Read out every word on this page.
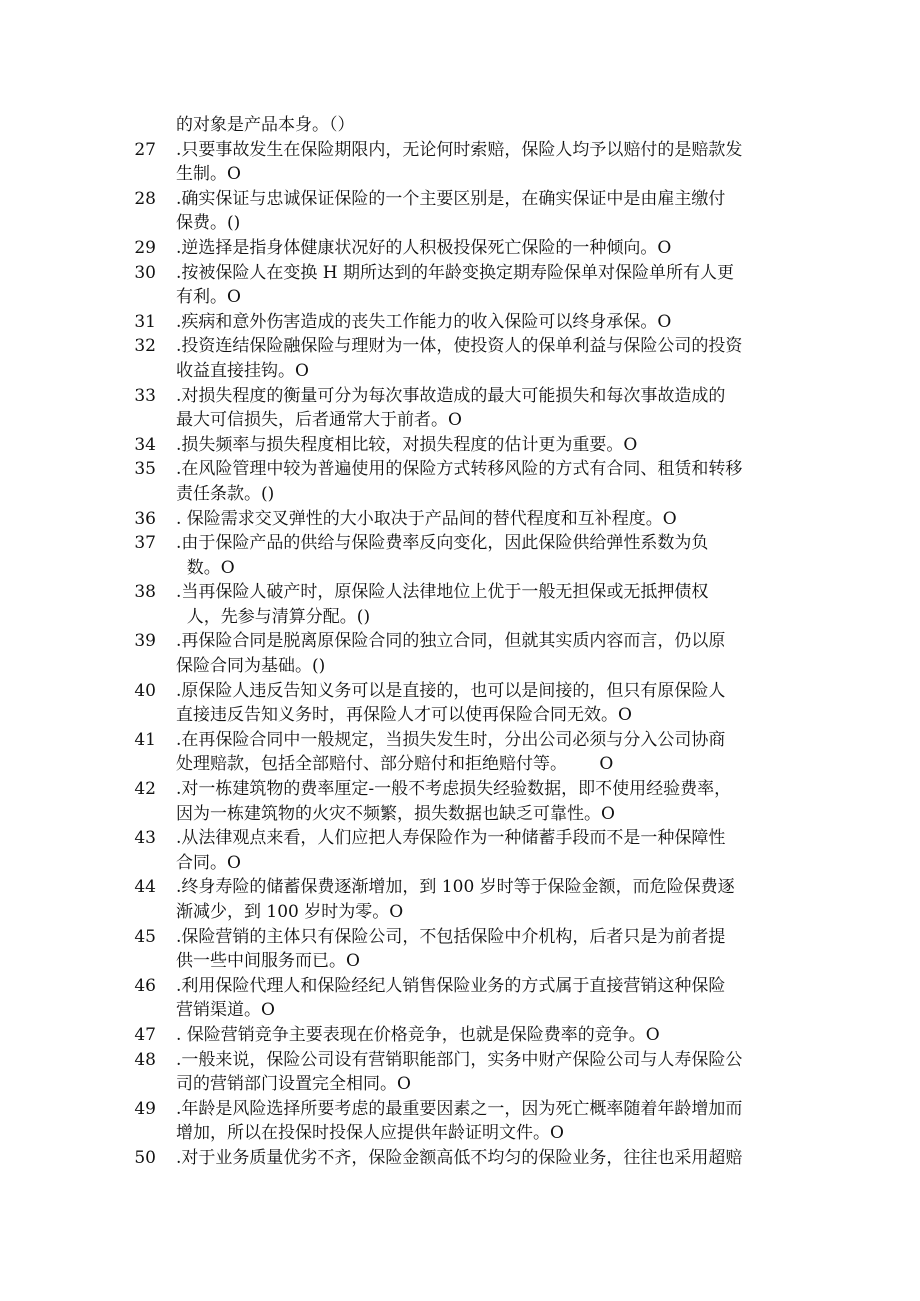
的对象是产品本身。（）
27 .只要事故发生在保险期限内，无论何时索赔，保险人均予以赔付的是赔款发
生制。O
28 .确实保证与忠诚保证保险的一个主要区别是，在确实保证中是由雇主缴付
保费。()
29 .逆选择是指身体健康状况好的人积极投保死亡保险的一种倾向。O
30 .按被保险人在变换 H 期所达到的年龄变换定期寿险保单对保险单所有人更
有利。O
31 .疾病和意外伤害造成的丧失工作能力的收入保险可以终身承保。O
32 .投资连结保险融保险与理财为一体，使投资人的保单利益与保险公司的投资
收益直接挂钩。O
33 .对损失程度的衡量可分为每次事故造成的最大可能损失和每次事故造成的
最大可信损失，后者通常大于前者。O
34 .损失频率与损失程度相比较，对损失程度的估计更为重要。O
35 .在风险管理中较为普遍使用的保险方式转移风险的方式有合同、租赁和转移
责任条款。()
36 . 保险需求交叉弹性的大小取决于产品间的替代程度和互补程度。O
37 .由于保险产品的供给与保险费率反向变化，因此保险供给弹性系数为负
数。O
38 .当再保险人破产时，原保险人法律地位上优于一般无担保或无抵押债权
人，先参与清算分配。()
39 .再保险合同是脱离原保险合同的独立合同，但就其实质内容而言，仍以原
保险合同为基础。()
40 .原保险人违反告知义务可以是直接的，也可以是间接的，但只有原保险人
直接违反告知义务时，再保险人才可以使再保险合同无效。O
41 .在再保险合同中一般规定，当损失发生时，分出公司必须与分入公司协商
处理赔款，包括全部赔付、部分赔付和拒绝赔付等。      O
42 .对一栋建筑物的费率厘定-一般不考虑损失经验数据，即不使用经验费率，
因为一栋建筑物的火灾不频繁，损失数据也缺乏可靠性。O
43 .从法律观点来看，人们应把人寿保险作为一种储蓄手段而不是一种保障性
合同。O
44 .终身寿险的储蓄保费逐渐增加，到 100 岁时等于保险金额，而危险保费逐
渐减少，到 100 岁时为零。O
45 .保险营销的主体只有保险公司，不包括保险中介机构，后者只是为前者提
供一些中间服务而已。O
46 .利用保险代理人和保险经纪人销售保险业务的方式属于直接营销这种保险
营销渠道。O
47 . 保险营销竞争主要表现在价格竞争，也就是保险费率的竞争。O
48 .一般来说，保险公司设有营销职能部门，实务中财产保险公司与人寿保险公
司的营销部门设置完全相同。O
49 .年龄是风险选择所要考虑的最重要因素之一，因为死亡概率随着年龄增加而
增加，所以在投保时投保人应提供年龄证明文件。O
50 .对于业务质量优劣不齐，保险金额高低不均匀的保险业务，往往也采用超赔
